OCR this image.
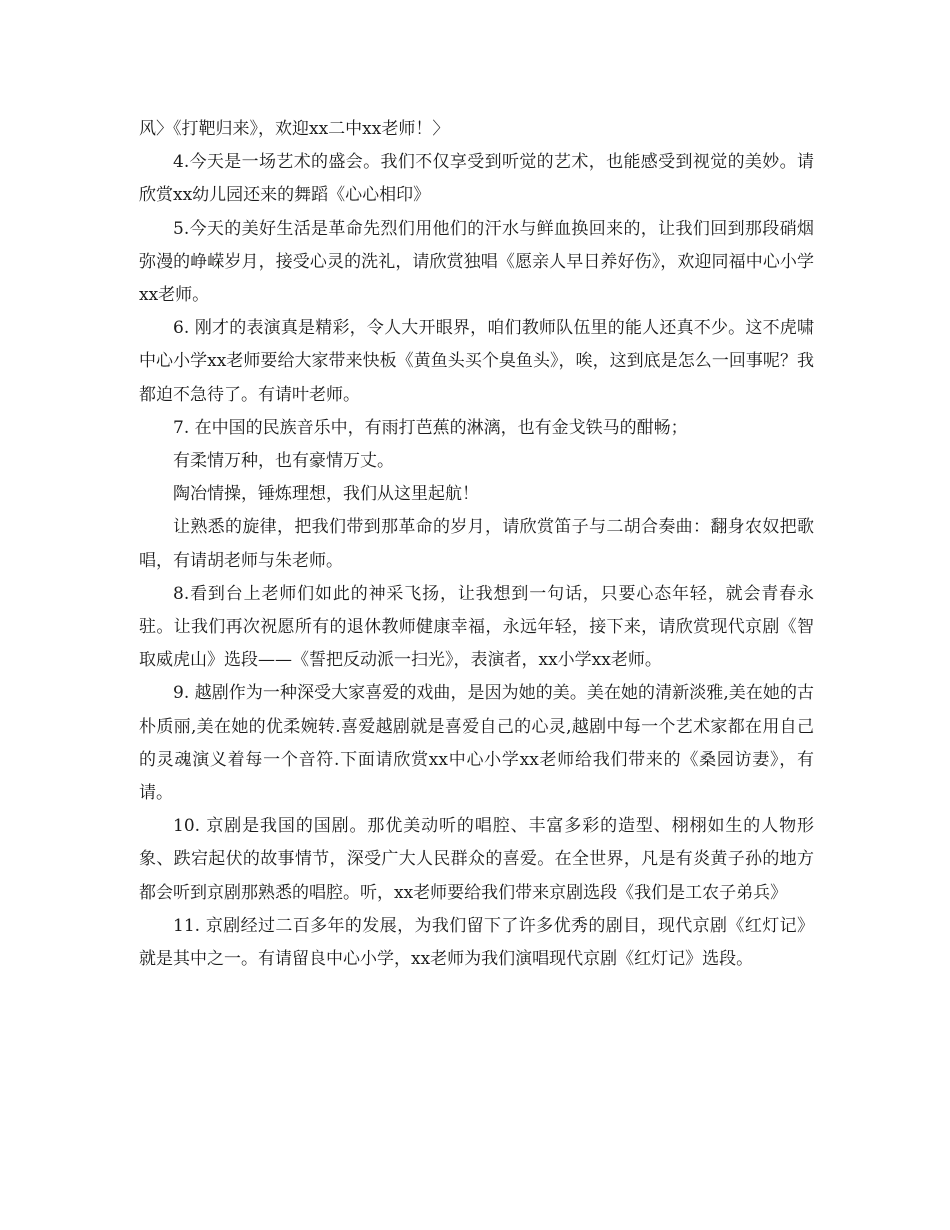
风〉《打靶归来》，欢迎xx二中xx老师！〉

4.今天是一场艺术的盛会。我们不仅享受到听觉的艺术，也能感受到视觉的美妙。请欣赏xx幼儿园还来的舞蹈《心心相印》

5.今天的美好生活是革命先烈们用他们的汗水与鲜血换回来的，让我们回到那段硝烟弥漫的峥嵘岁月，接受心灵的洗礼，请欣赏独唱《愿亲人早日养好伤》，欢迎同福中心小学xx老师。

6. 刚才的表演真是精彩，令人大开眼界，咱们教师队伍里的能人还真不少。这不虎啸中心小学xx老师要给大家带来快板《黄鱼头买个臭鱼头》，唉，这到底是怎么一回事呢？我都迫不急待了。有请叶老师。

7. 在中国的民族音乐中，有雨打芭蕉的淋漓，也有金戈铁马的酣畅；

有柔情万种，也有豪情万丈。

陶冶情操，锤炼理想，我们从这里起航！

让熟悉的旋律，把我们带到那革命的岁月，请欣赏笛子与二胡合奏曲：翻身农奴把歌唱，有请胡老师与朱老师。

8.看到台上老师们如此的神采飞扬，让我想到一句话，只要心态年轻，就会青春永驻。让我们再次祝愿所有的退休教师健康幸福，永远年轻，接下来，请欣赏现代京剧《智取威虎山》选段——《誓把反动派一扫光》，表演者，xx小学xx老师。

9. 越剧作为一种深受大家喜爱的戏曲，是因为她的美。美在她的清新淡雅,美在她的古朴质丽,美在她的优柔婉转.喜爱越剧就是喜爱自己的心灵,越剧中每一个艺术家都在用自己的灵魂演义着每一个音符.下面请欣赏xx中心小学xx老师给我们带来的《桑园访妻》，有请。

10. 京剧是我国的国剧。那优美动听的唱腔、丰富多彩的造型、栩栩如生的人物形象、跌宕起伏的故事情节，深受广大人民群众的喜爱。在全世界，凡是有炎黄子孙的地方都会听到京剧那熟悉的唱腔。听，xx老师要给我们带来京剧选段《我们是工农子弟兵》

11. 京剧经过二百多年的发展，为我们留下了许多优秀的剧目，现代京剧《红灯记》就是其中之一。有请留良中心小学，xx老师为我们演唱现代京剧《红灯记》选段。
